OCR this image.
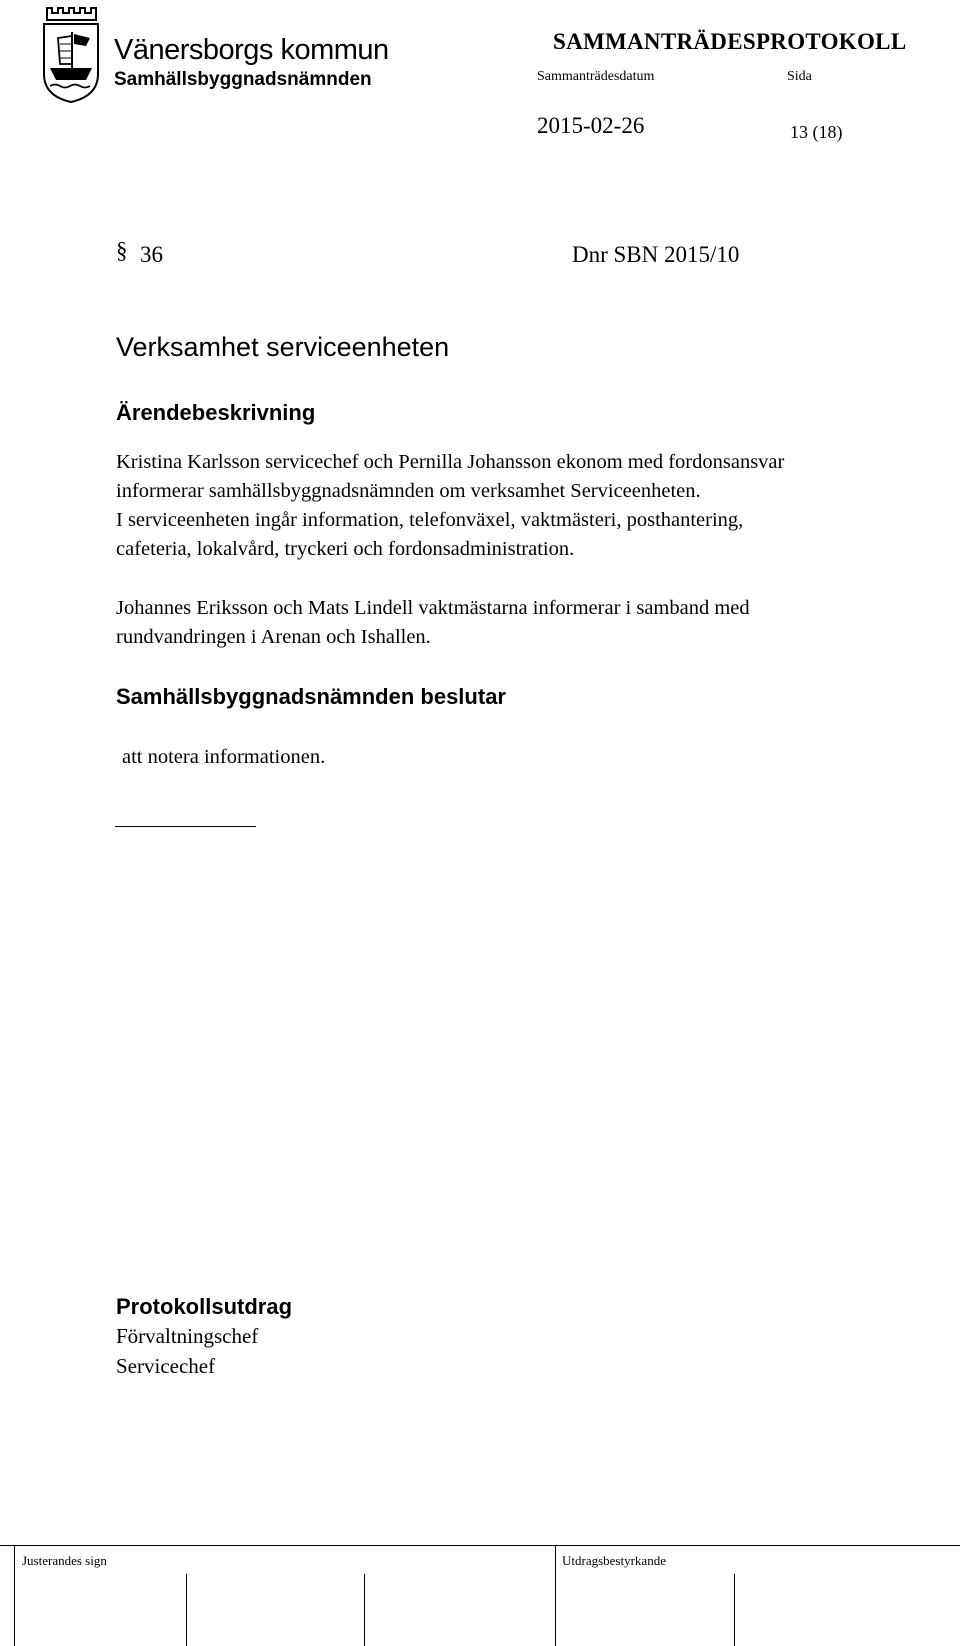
Vänersborgs kommun
Samhällsbyggnadsnämnden
SAMMANTRÄDESPROTOKOLL
Sammanträdesdatum	Sida
2015-02-26	13 (18)
§ 36	Dnr SBN 2015/10
Verksamhet serviceenheten
Ärendebeskrivning
Kristina Karlsson servicechef och Pernilla Johansson ekonom med fordonsansvar
informerar samhällsbyggnadsnämnden om verksamhet Serviceenheten.
I serviceenheten ingår information, telefonväxel, vaktmästeri, posthantering,
cafeteria, lokalvård, tryckeri och fordonsadministration.
Johannes Eriksson och Mats Lindell vaktmästarna informerar i samband med
rundvandringen i Arenan och Ishallen.
Samhällsbyggnadsnämnden beslutar
att notera informationen.
Protokollsutdrag
Förvaltningschef
Servicechef
Justerandes sign	Utdragsbestyrkande
